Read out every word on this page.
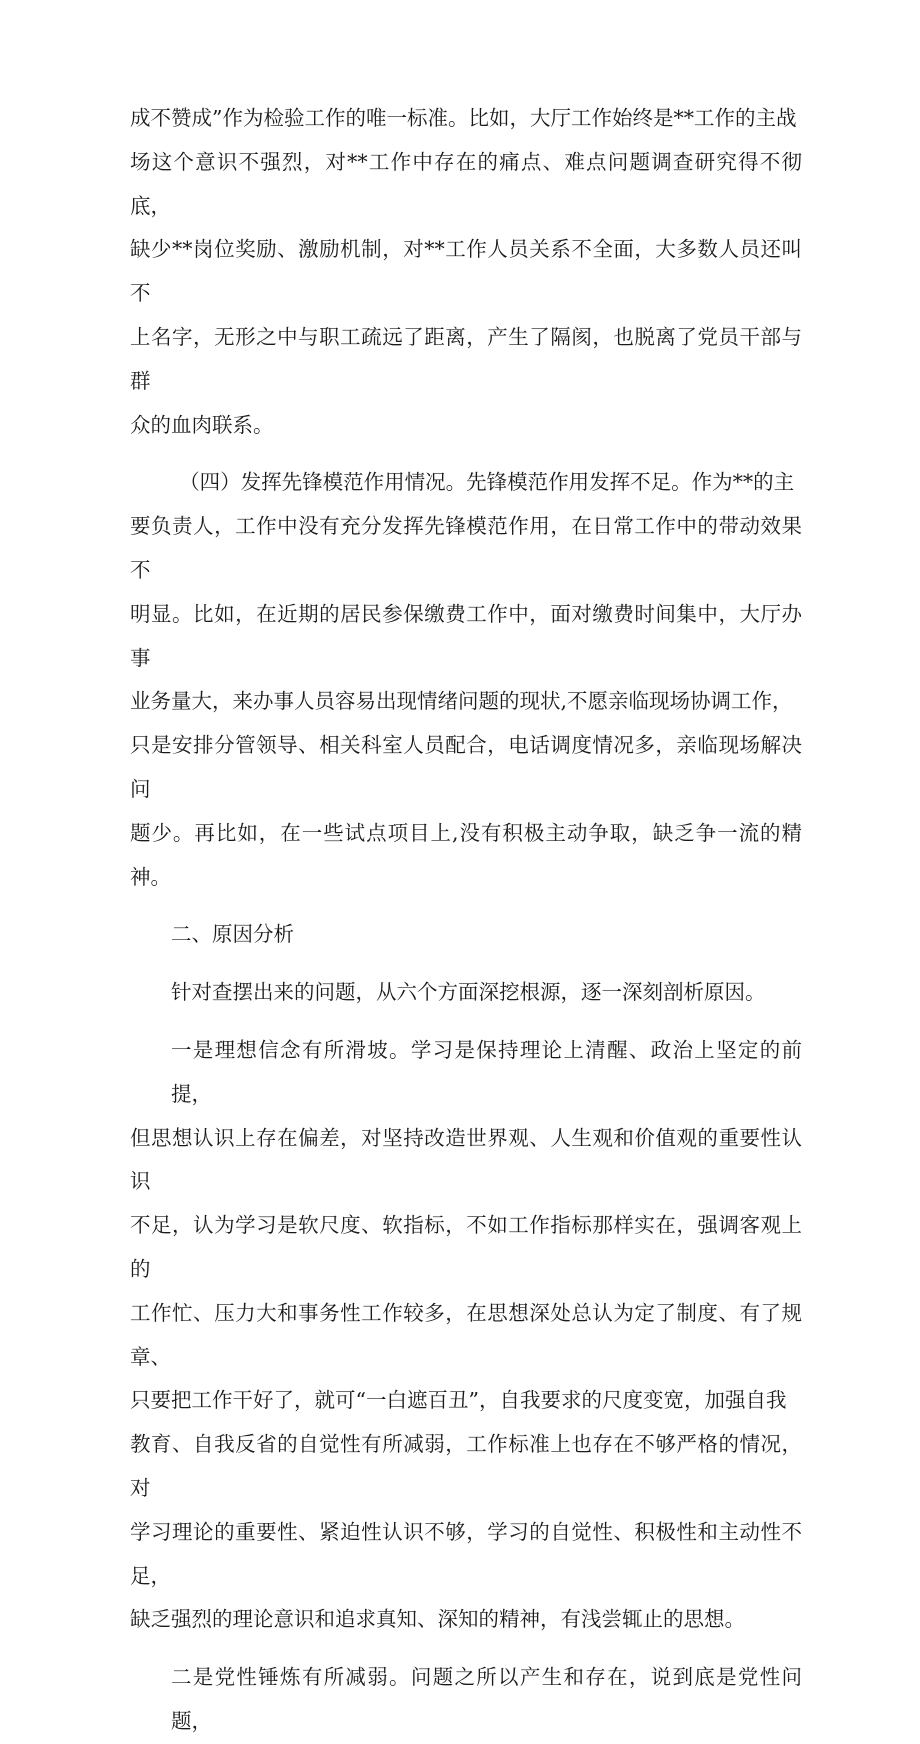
成不赞成”作为检验工作的唯一标准。比如，大厅工作始终是**工作的主战
场这个意识不强烈，对**工作中存在的痛点、难点问题调查研究得不彻底，
缺少**岗位奖励、激励机制，对**工作人员关系不全面，大多数人员还叫不
上名字，无形之中与职工疏远了距离，产生了隔阂，也脱离了党员干部与群
众的血肉联系。
（四）发挥先锋模范作用情况。先锋模范作用发挥不足。作为**的主
要负责人，工作中没有充分发挥先锋模范作用，在日常工作中的带动效果不
明显。比如，在近期的居民参保缴费工作中，面对缴费时间集中，大厅办事
业务量大，来办事人员容易出现情绪问题的现状,不愿亲临现场协调工作，
只是安排分管领导、相关科室人员配合，电话调度情况多，亲临现场解决问
题少。再比如，在一些试点项目上,没有积极主动争取，缺乏争一流的精神。
二、原因分析
针对查摆出来的问题，从六个方面深挖根源，逐一深刻剖析原因。
一是理想信念有所滑坡。学习是保持理论上清醒、政治上坚定的前提，
但思想认识上存在偏差，对坚持改造世界观、人生观和价值观的重要性认识
不足，认为学习是软尺度、软指标，不如工作指标那样实在，强调客观上的
工作忙、压力大和事务性工作较多，在思想深处总认为定了制度、有了规章、
只要把工作干好了，就可“一白遮百丑”，自我要求的尺度变宽，加强自我
教育、自我反省的自觉性有所减弱，工作标准上也存在不够严格的情况，对
学习理论的重要性、紧迫性认识不够，学习的自觉性、积极性和主动性不足，
缺乏强烈的理论意识和追求真知、深知的精神，有浅尝辄止的思想。
二是党性锤炼有所减弱。问题之所以产生和存在，说到底是党性问题，
